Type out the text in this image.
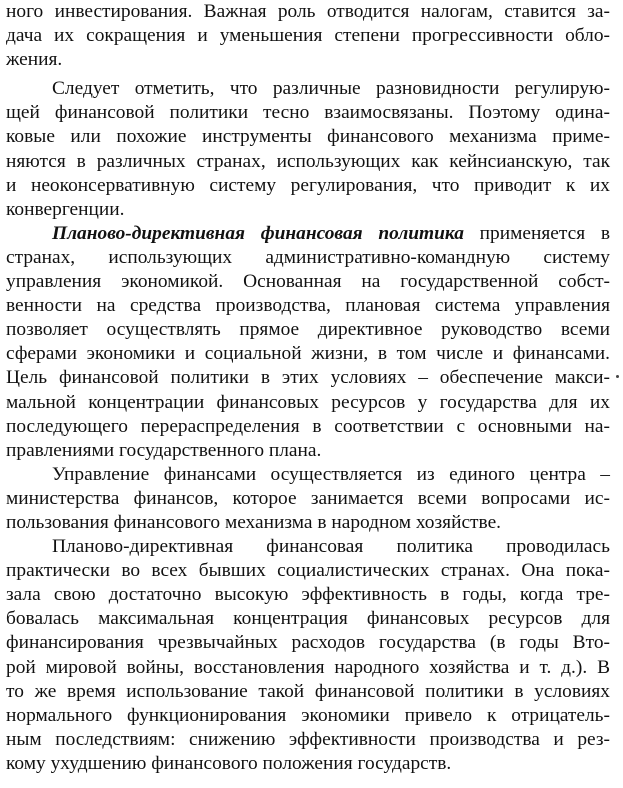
ного инвестирования. Важная роль отводится налогам, ставится за-
дача их сокращения и уменьшения степени прогрессивности обло-
жения.
Следует отметить, что различные разновидности регулирую-
щей финансовой политики тесно взаимосвязаны. Поэтому одина-
ковые или похожие инструменты финансового механизма приме-
няются в различных странах, использующих как кейнсианскую, так
и неоконсервативную систему регулирования, что приводит к их
конвергенции.
Планово-директивная финансовая политика применяется в
странах, использующих административно-командную систему
управления экономикой. Основанная на государственной собст-
венности на средства производства, плановая система управления
позволяет осуществлять прямое директивное руководство всеми
сферами экономики и социальной жизни, в том числе и финансами.
Цель финансовой политики в этих условиях – обеспечение макси-
мальной концентрации финансовых ресурсов у государства для их
последующего перераспределения в соответствии с основными на-
правлениями государственного плана.
Управление финансами осуществляется из единого центра –
министерства финансов, которое занимается всеми вопросами ис-
пользования финансового механизма в народном хозяйстве.
Планово-директивная финансовая политика проводилась
практически во всех бывших социалистических странах. Она пока-
зала свою достаточно высокую эффективность в годы, когда тре-
бовалась максимальная концентрация финансовых ресурсов для
финансирования чрезвычайных расходов государства (в годы Вто-
рой мировой войны, восстановления народного хозяйства и т. д.). В
то же время использование такой финансовой политики в условиях
нормального функционирования экономики привело к отрицатель-
ным последствиям: снижению эффективности производства и рез-
кому ухудшению финансового положения государств.
